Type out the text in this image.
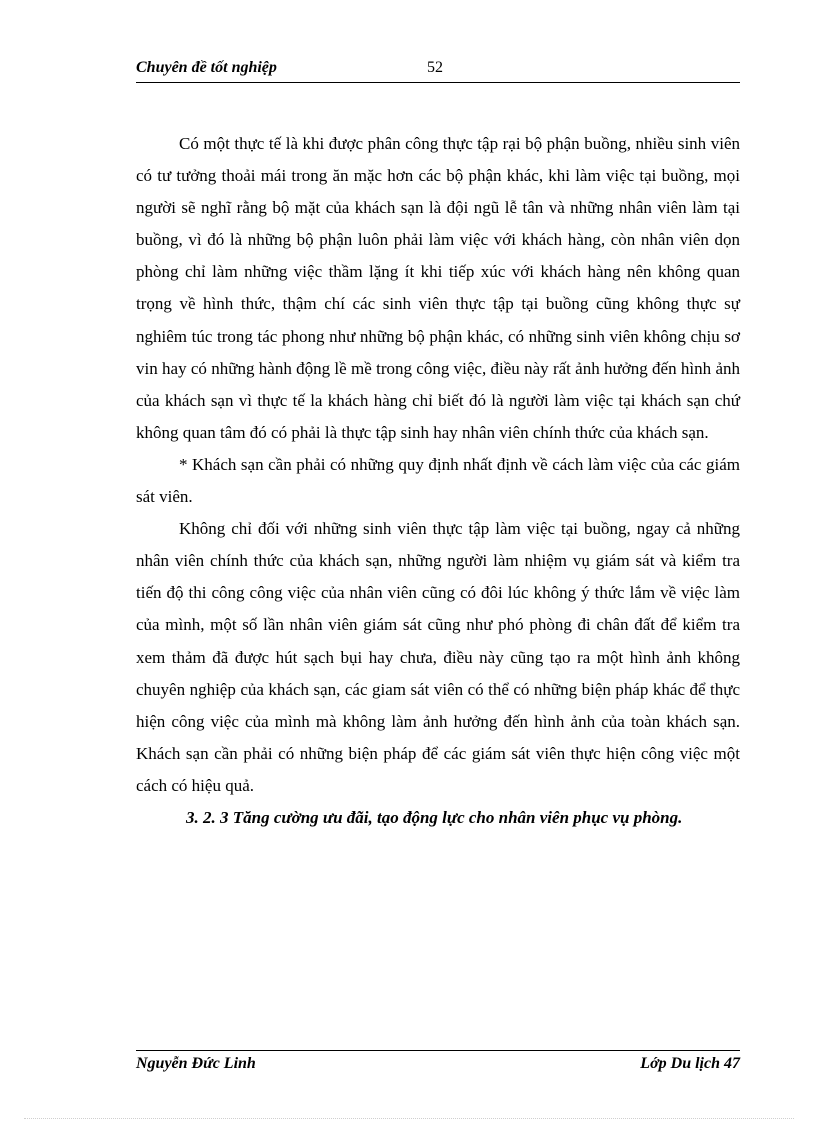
Chuyên đề tốt nghiệp	52

Có một thực tế là khi được phân công thực tập rại bộ phận buồng, nhiều sinh viên có tư tưởng thoải mái trong ăn mặc hơn các bộ phận khác, khi làm việc tại buồng, mọi người sẽ nghĩ rằng bộ mặt của khách sạn là đội ngũ lễ tân và những nhân viên làm tại buồng, vì đó là những bộ phận luôn phải làm việc với khách hàng, còn nhân viên dọn phòng chỉ làm những việc thầm lặng ít khi tiếp xúc với khách hàng nên không quan trọng về hình thức, thậm chí các sinh viên thực tập tại buồng cũng không thực sự nghiêm túc trong tác phong như những bộ phận khác, có những sinh viên không chịu sơ vin hay có những hành động lề mề trong công việc, điều này rất ảnh hưởng đến hình ảnh của khách sạn vì thực tế la khách hàng chỉ biết đó là người làm việc tại khách sạn chứ không quan tâm đó có phải là thực tập sinh hay nhân viên chính thức của khách sạn.

* Khách sạn cần phải có những quy định nhất định về cách làm việc của các giám sát viên.

Không chỉ đối với những sinh viên thực tập làm việc tại buồng, ngay cả những nhân viên chính thức của khách sạn, những người làm nhiệm vụ giám sát và kiểm tra tiến độ thi công công việc của nhân viên cũng có đôi lúc không ý thức lắm về việc làm của mình, một số lần nhân viên giám sát cũng như phó phòng đi chân đất để kiểm tra xem thảm đã được hút sạch bụi hay chưa, điều này cũng tạo ra một hình ảnh không chuyên nghiệp của khách sạn, các giam sát viên có thể có những biện pháp khác để thực hiện công việc của mình mà không làm ảnh hưởng đến hình ảnh của toàn khách sạn. Khách sạn cần phải có những biện pháp để các giám sát viên thực hiện công việc một cách có hiệu quả.

3. 2. 3 Tăng cường ưu đãi, tạo động lực cho nhân viên phục vụ phòng.

Nguyễn Đức Linh	Lớp Du lịch 47
